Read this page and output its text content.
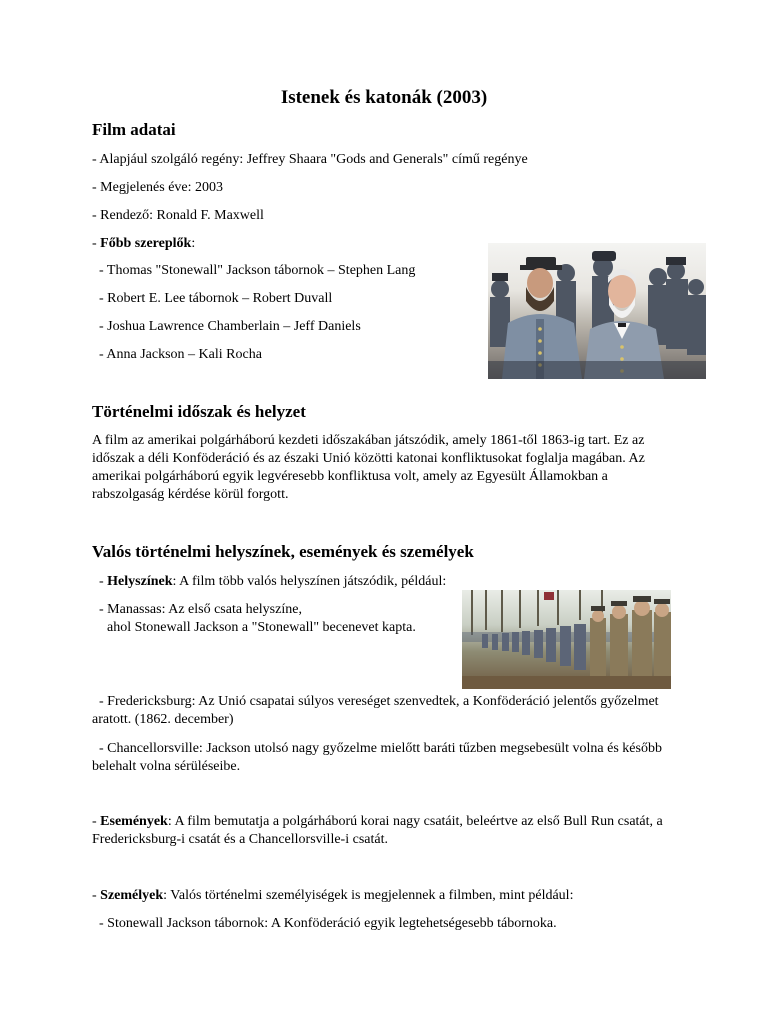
Istenek és katonák (2003)
Film adatai

- Alapjául szolgáló regény: Jeffrey Shaara "Gods and Generals" című regénye

- Megjelenés éve: 2003

- Rendező: Ronald F. Maxwell

- Főbb szereplők:

- Thomas "Stonewall" Jackson tábornok – Stephen Lang

- Robert E. Lee tábornok – Robert Duvall

- Joshua Lawrence Chamberlain – Jeff Daniels

- Anna Jackson – Kali Rocha

Történelmi időszak és helyzet

A film az amerikai polgárháború kezdeti időszakában játszódik, amely 1861-től 1863-ig tart. Ez az időszak a déli Konföderáció és az északi Unió közötti katonai konfliktusokat foglalja magában. Az amerikai polgárháború egyik legvéresebb konfliktusa volt, amely az Egyesült Államokban a rabszolgaság kérdése körül forgott.

Valós történelmi helyszínek, események és személyek

- Helyszínek: A film több valós helyszínen játszódik, például:

- Manassas: Az első csata helyszíne,

ahol Stonewall Jackson a "Stonewall" becenevet kapta.

- Fredericksburg: Az Unió csapatai súlyos vereséget szenvedtek, a Konföderáció jelentős győzelmet aratott. (1862. december)

- Chancellorsville: Jackson utolsó nagy győzelme mielőtt baráti tűzben megsebesült volna és később belehalt volna sérüléseibe.

- Események: A film bemutatja a polgárháború korai nagy csatáit, beleértve az első Bull Run csatát, a Fredericksburg-i csatát és a Chancellorsville-i csatát.

- Személyek: Valós történelmi személyiségek is megjelennek a filmben, mint például:

- Stonewall Jackson tábornok: A Konföderáció egyik legtehetségesebb tábornoka.
